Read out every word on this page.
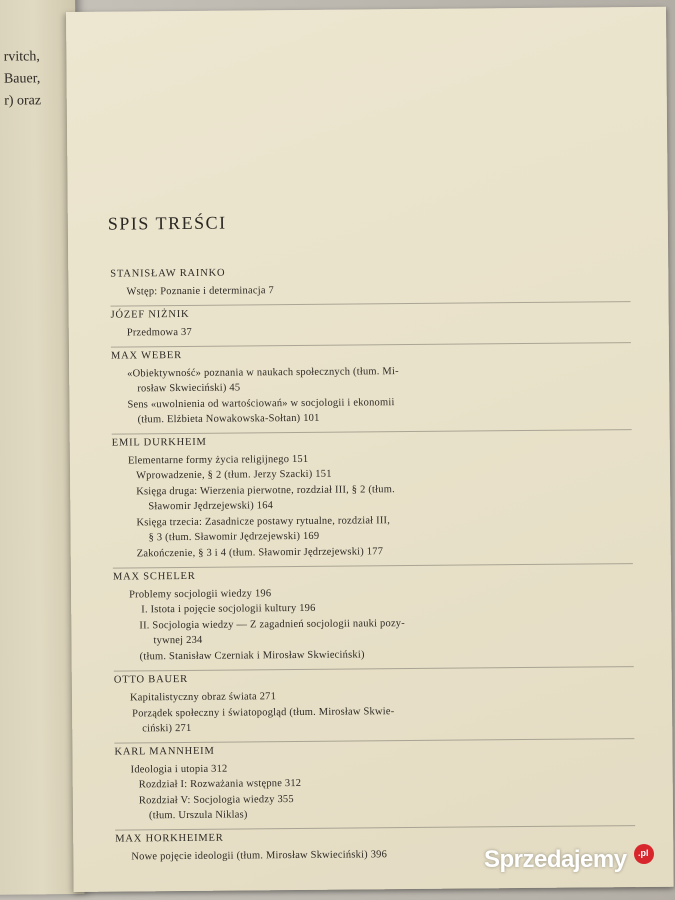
rvitch,
Bauer,
r) oraz
SPIS TREŚCI
STANISŁAW RAINKO
Wstęp: Poznanie i determinacja 7
JÓZEF NIŻNIK
Przedmowa 37
MAX WEBER
«Obiektywność» poznania w naukach społecznych (tłum. Mi-
rosław Skwieciński) 45
Sens «uwolnienia od wartościowań» w socjologii i ekonomii
(tłum. Elżbieta Nowakowska-Sołtan) 101
EMIL DURKHEIM
Elementarne formy życia religijnego 151
Wprowadzenie, § 2 (tłum. Jerzy Szacki) 151
Księga druga: Wierzenia pierwotne, rozdział III, § 2 (tłum.
Sławomir Jędrzejewski) 164
Księga trzecia: Zasadnicze postawy rytualne, rozdział III,
§ 3 (tłum. Sławomir Jędrzejewski) 169
Zakończenie, § 3 i 4 (tłum. Sławomir Jędrzejewski) 177
MAX SCHELER
Problemy socjologii wiedzy 196
I. Istota i pojęcie socjologii kultury 196
II. Socjologia wiedzy — Z zagadnień socjologii nauki pozy-
tywnej 234
(tłum. Stanisław Czerniak i Mirosław Skwieciński)
OTTO BAUER
Kapitalistyczny obraz świata 271
Porządek społeczny i światopogląd (tłum. Mirosław Skwie-
ciński) 271
KARL MANNHEIM
Ideologia i utopia 312
Rozdział I: Rozważania wstępne 312
Rozdział V: Socjologia wiedzy 355
(tłum. Urszula Niklas)
MAX HORKHEIMER
Nowe pojęcie ideologii (tłum. Mirosław Skwieciński) 396	Sprzedajemy .pl
